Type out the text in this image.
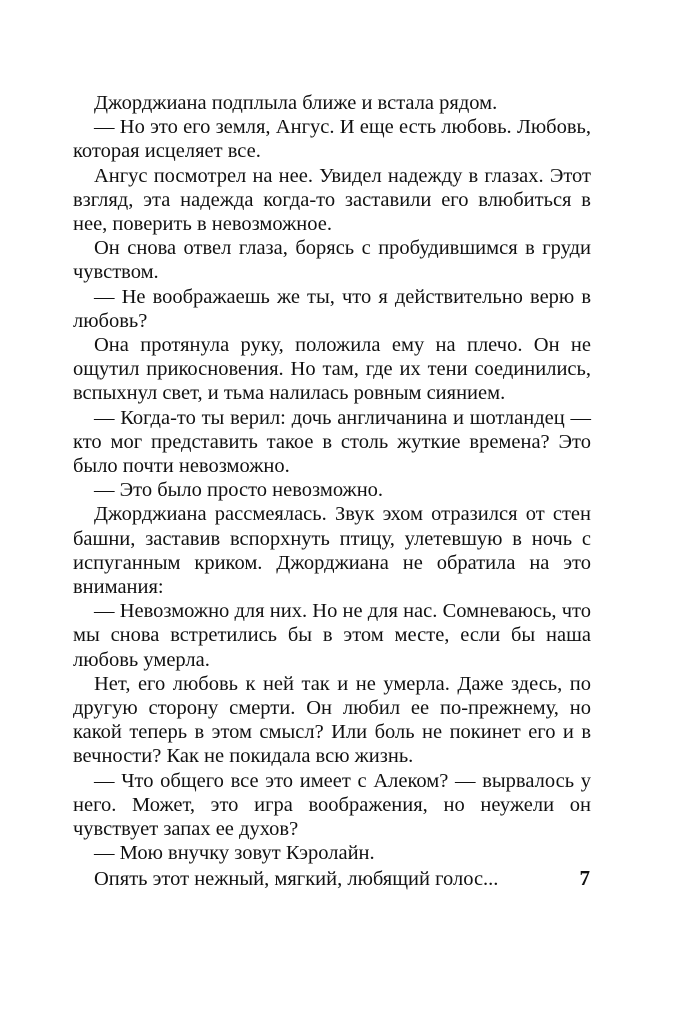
Джорджиана подплыла ближе и встала рядом.

— Но это его земля, Ангус. И еще есть любовь. Любовь, которая исцеляет все.

Ангус посмотрел на нее. Увидел надежду в глазах. Этот взгляд, эта надежда когда-то заставили его влюбиться в нее, поверить в невозможное.

Он снова отвел глаза, борясь с пробудившимся в груди чувством.

— Не воображаешь же ты, что я действительно верю в любовь?

Она протянула руку, положила ему на плечо. Он не ощутил прикосновения. Но там, где их тени соединились, вспыхнул свет, и тьма налилась ровным сиянием.

— Когда-то ты верил: дочь англичанина и шотландец — кто мог представить такое в столь жуткие времена? Это было почти невозможно.

— Это было просто невозможно.

Джорджиана рассмеялась. Звук эхом отразился от стен башни, заставив вспорхнуть птицу, улетевшую в ночь с испуганным криком. Джорджиана не обратила на это внимания:

— Невозможно для них. Но не для нас. Сомневаюсь, что мы снова встретились бы в этом месте, если бы наша любовь умерла.

Нет, его любовь к ней так и не умерла. Даже здесь, по другую сторону смерти. Он любил ее по-прежнему, но какой теперь в этом смысл? Или боль не покинет его и в вечности? Как не покидала всю жизнь.

— Что общего все это имеет с Алеком? — вырвалось у него. Может, это игра воображения, но неужели он чувствует запах ее духов?

— Мою внучку зовут Кэролайн.

Опять этот нежный, мягкий, любящий голос...	7
